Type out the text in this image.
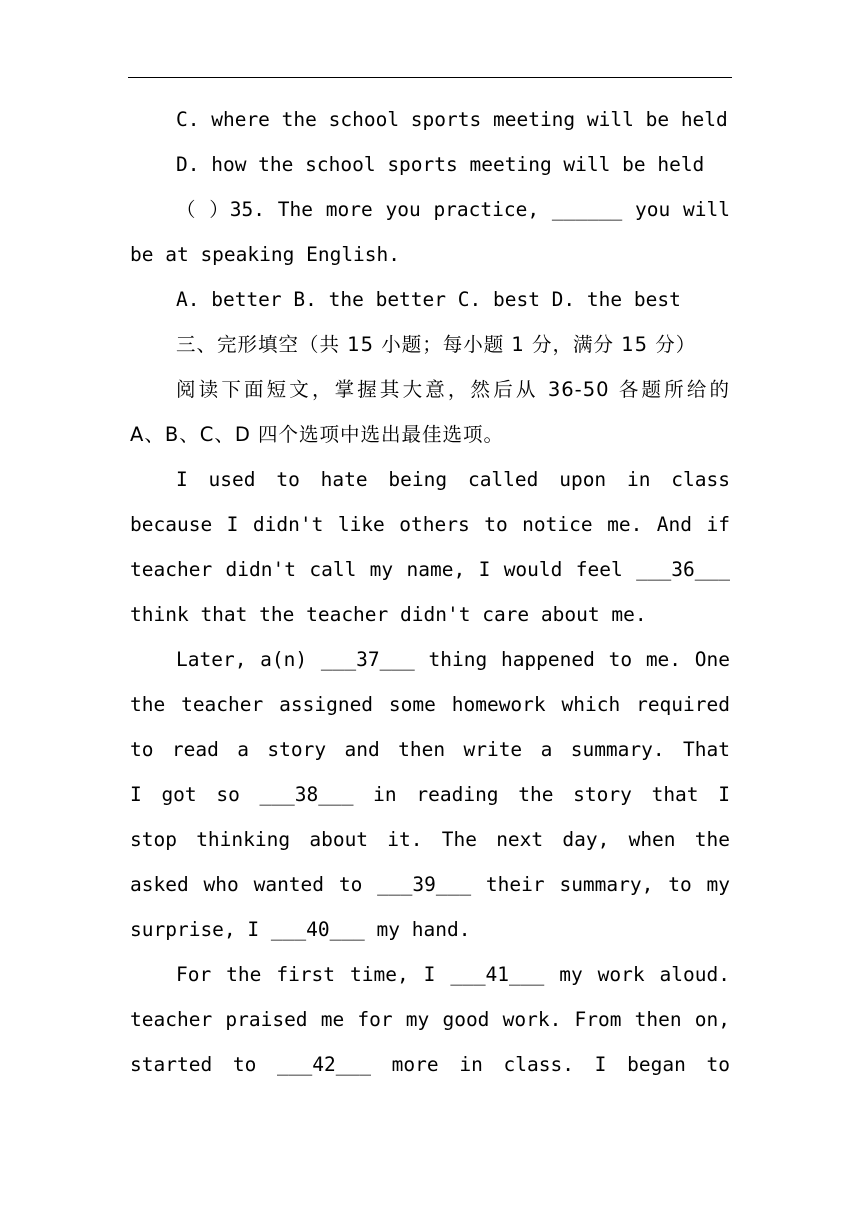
C. where the school sports meeting will be held
D. how the school sports meeting will be held
（ ）35. The more you practice, ______ you will
be at speaking English.
A. better B. the better C. best D. the best
三、完形填空（共 15 小题；每小题 1 分，满分 15 分）
阅读下面短文，掌握其大意，然后从 36-50 各题所给的
A、B、C、D 四个选项中选出最佳选项。
I used to hate being called upon in class
because I didn't like others to notice me. And if
teacher didn't call my name, I would feel ___36___
think that the teacher didn't care about me.
Later, a(n) ___37___ thing happened to me. One
the teacher assigned some homework which required
to read a story and then write a summary. That
I got so ___38___ in reading the story that I
stop thinking about it. The next day, when the
asked who wanted to ___39___ their summary, to my
surprise, I ___40___ my hand.
For the first time, I ___41___ my work aloud.
teacher praised me for my good work. From then on,
started to ___42___ more in class. I began to
